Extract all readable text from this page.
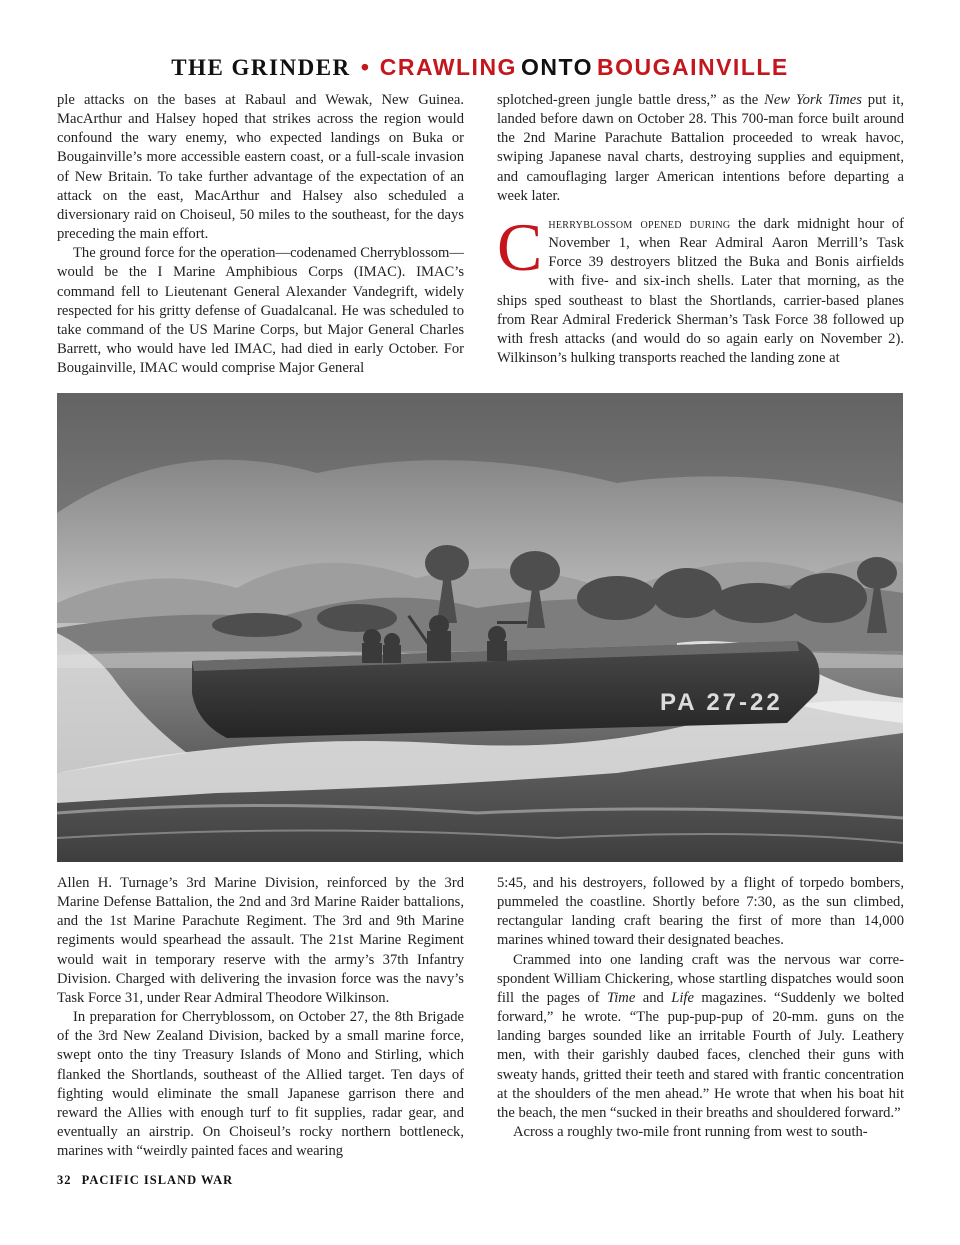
THE GRINDER • CRAWLING ONTO BOUGAINVILLE

ple attacks on the bases at Rabaul and Wewak, New Guinea. MacArthur and Halsey hoped that strikes across the region would confound the wary enemy, who expected landings on Buka or Bougainville’s more accessible eastern coast, or a full-scale invasion of New Britain. To take further advantage of the expectation of an attack on the east, MacArthur and Halsey also scheduled a diversionary raid on Choiseul, 50 miles to the southeast, for the days preceding the main effort.

The ground force for the operation—codenamed Cherryblossom—would be the I Marine Amphibious Corps (IMAC). IMAC’s command fell to Lieutenant General Alexander Vandegrift, widely respected for his gritty defense of Guadalcanal. He was scheduled to take command of the US Marine Corps, but Major General Charles Barrett, who would have led IMAC, had died in early October. For Bougainville, IMAC would comprise Major General

splotched-green jungle battle dress,” as the New York Times put it, landed before dawn on October 28. This 700-man force built around the 2nd Marine Parachute Battalion proceeded to wreak havoc, swiping Japanese naval charts, destroying supplies and equipment, and camouflaging larger American intentions before departing a week later.

Cherryblossom opened during the dark midnight hour of November 1, when Rear Admiral Aaron Merrill’s Task Force 39 destroyers blitzed the Buka and Bonis airfields with five- and six-inch shells. Later that morning, as the ships sped southeast to blast the Shortlands, carrier-based planes from Rear Admiral Frederick Sherman’s Task Force 38 followed up with fresh attacks (and would do so again early on November 2). Wilkinson’s hulking transports reached the landing zone at

PA 27-22

Allen H. Turnage’s 3rd Marine Division, reinforced by the 3rd Marine Defense Battalion, the 2nd and 3rd Marine Raider battalions, and the 1st Marine Parachute Regiment. The 3rd and 9th Marine regiments would spearhead the assault. The 21st Marine Regiment would wait in temporary reserve with the army’s 37th Infantry Division. Charged with delivering the invasion force was the navy’s Task Force 31, under Rear Admiral Theodore Wilkinson.

In preparation for Cherryblossom, on October 27, the 8th Brigade of the 3rd New Zealand Division, backed by a small marine force, swept onto the tiny Treasury Islands of Mono and Stirling, which flanked the Shortlands, southeast of the Allied target. Ten days of fighting would eliminate the small Japanese garrison there and reward the Allies with enough turf to fit supplies, radar gear, and eventually an airstrip. On Choiseul’s rocky northern bottleneck, marines with “weirdly painted faces and wearing

5:45, and his destroyers, followed by a flight of torpedo bombers, pummeled the coastline. Shortly before 7:30, as the sun climbed, rectangular landing craft bearing the first of more than 14,000 marines whined toward their designated beaches.

Crammed into one landing craft was the nervous war correspondent William Chickering, whose startling dispatches would soon fill the pages of Time and Life magazines. “Suddenly we bolted forward,” he wrote. “The pup-pup-pup of 20-mm. guns on the landing barges sounded like an irritable Fourth of July. Leathery men, with their garishly daubed faces, clenched their guns with sweaty hands, gritted their teeth and stared with frantic concentration at the shoulders of the men ahead.” He wrote that when his boat hit the beach, the men “sucked in their breaths and shouldered forward.”

Across a roughly two-mile front running from west to south-

32 PACIFIC ISLAND WAR
